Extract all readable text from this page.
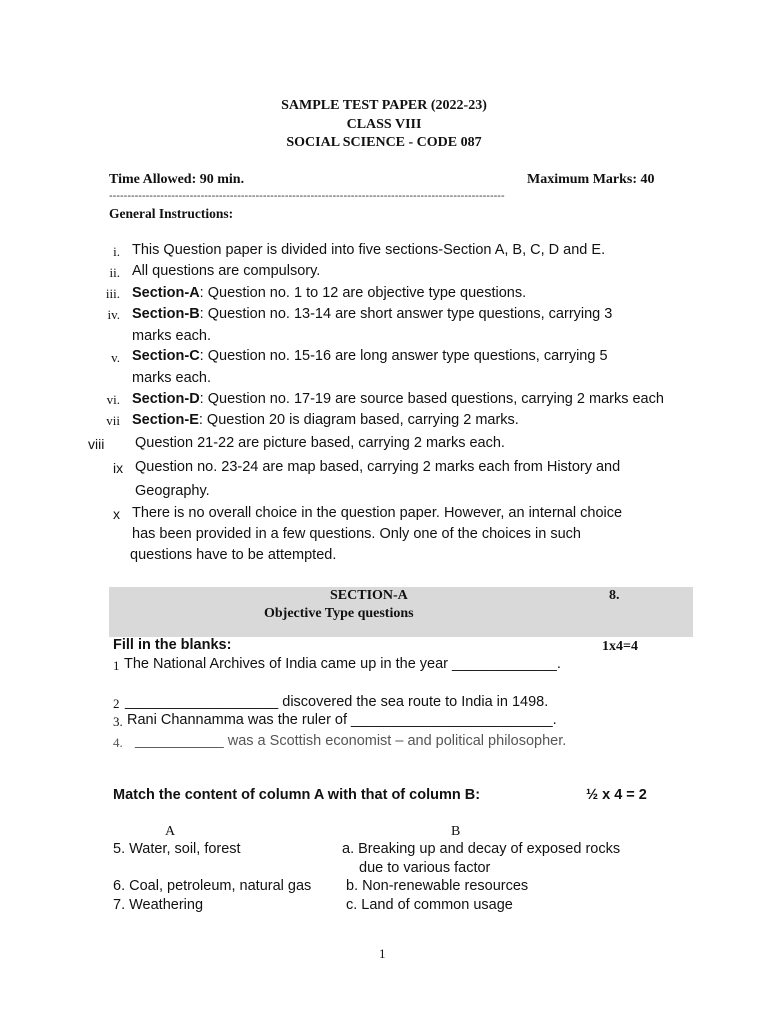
SAMPLE TEST PAPER (2022-23)
CLASS VIII
SOCIAL SCIENCE - CODE 087
Time Allowed: 90 min.	Maximum Marks: 40
------------------------------------------------------------------------------------------------------------
General Instructions:
i. This Question paper is divided into five sections-Section A, B, C, D and E.
ii. All questions are compulsory.
iii. Section-A: Question no. 1 to 12 are objective type questions.
iv. Section-B: Question no. 13-14 are short answer type questions, carrying 3
marks each.
v. Section-C: Question no. 15-16 are long answer type questions, carrying 5
marks each.
vi. Section-D: Question no. 17-19 are source based questions, carrying 2 marks each
vii Section-E: Question 20 is diagram based, carrying 2 marks.
viii Question 21-22 are picture based, carrying 2 marks each.
ix Question no. 23-24 are map based, carrying 2 marks each from History and
Geography.
x There is no overall choice in the question paper. However, an internal choice
has been provided in a few questions. Only one of the choices in such
questions have to be attempted.
SECTION-A	8.
Objective Type questions
Fill in the blanks:	1x4=4
1 The National Archives of India came up in the year _____________.
2 ___________________ discovered the sea route to India in 1498.
3. Rani Channamma was the ruler of _________________________.
4. ___________ was a Scottish economist – and political philosopher.
Match the content of column A with that of column B:	½ x 4 = 2
A	B
5. Water, soil, forest	a. Breaking up and decay of exposed rocks
due to various factor
6. Coal, petroleum, natural gas b. Non-renewable resources
7. Weathering	c. Land of common usage
1
